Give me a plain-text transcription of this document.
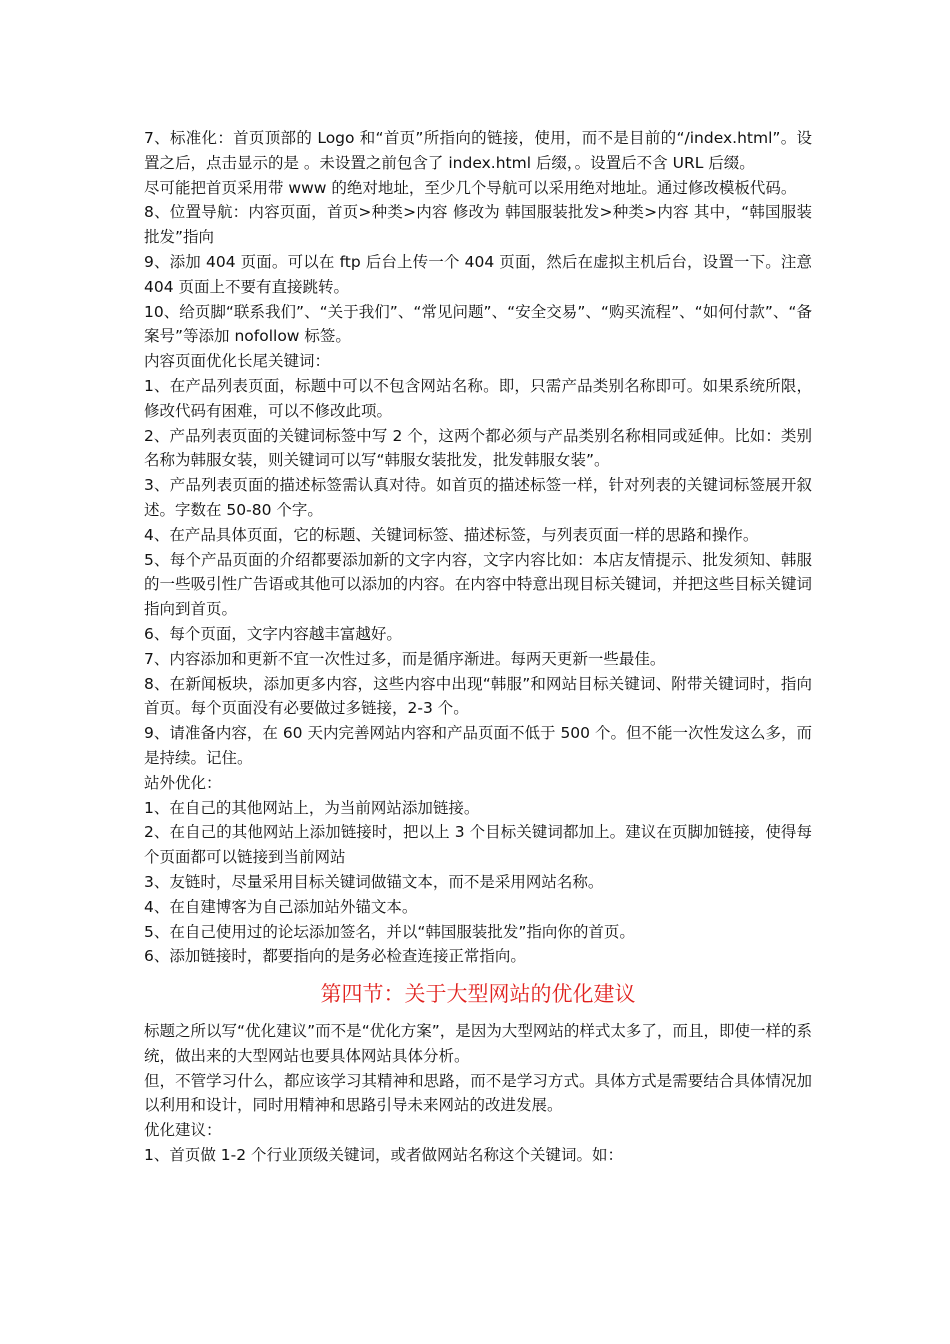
7、标准化：首页顶部的 Logo 和“首页”所指向的链接，使用，而不是目前的“/index.html”。设置之后，点击显示的是 。未设置之前包含了 index.html 后缀，。设置后不含 URL 后缀。

尽可能把首页采用带 www 的绝对地址，至少几个导航可以采用绝对地址。通过修改模板代码。

8、位置导航：内容页面，首页>种类>内容 修改为 韩国服装批发>种类>内容 其中，“韩国服装批发”指向

9、添加 404 页面。可以在 ftp 后台上传一个 404 页面，然后在虚拟主机后台，设置一下。注意 404 页面上不要有直接跳转。

10、给页脚“联系我们”、“关于我们”、“常见问题”、“安全交易”、“购买流程”、“如何付款”、“备案号”等添加 nofollow 标签。

内容页面优化长尾关键词：

1、在产品列表页面，标题中可以不包含网站名称。即，只需产品类别名称即可。如果系统所限，修改代码有困难，可以不修改此项。

2、产品列表页面的关键词标签中写 2 个，这两个都必须与产品类别名称相同或延伸。比如：类别名称为韩服女装，则关键词可以写“韩服女装批发，批发韩服女装”。

3、产品列表页面的描述标签需认真对待。如首页的描述标签一样，针对列表的关键词标签展开叙述。字数在 50-80 个字。

4、在产品具体页面，它的标题、关键词标签、描述标签，与列表页面一样的思路和操作。

5、每个产品页面的介绍都要添加新的文字内容，文字内容比如：本店友情提示、批发须知、韩服的一些吸引性广告语或其他可以添加的内容。在内容中特意出现目标关键词，并把这些目标关键词指向到首页。

6、每个页面，文字内容越丰富越好。

7、内容添加和更新不宜一次性过多，而是循序渐进。每两天更新一些最佳。

8、在新闻板块，添加更多内容，这些内容中出现“韩服”和网站目标关键词、附带关键词时，指向首页。每个页面没有必要做过多链接，2-3 个。

9、请准备内容，在 60 天内完善网站内容和产品页面不低于 500 个。但不能一次性发这么多，而是持续。记住。

站外优化：

1、在自己的其他网站上，为当前网站添加链接。

2、在自己的其他网站上添加链接时，把以上 3 个目标关键词都加上。建议在页脚加链接，使得每个页面都可以链接到当前网站

3、友链时，尽量采用目标关键词做锚文本，而不是采用网站名称。

4、在自建博客为自己添加站外锚文本。

5、在自己使用过的论坛添加签名，并以“韩国服装批发”指向你的首页。

6、添加链接时，都要指向的是务必检查连接正常指向。

第四节：关于大型网站的优化建议

标题之所以写“优化建议”而不是“优化方案”，是因为大型网站的样式太多了，而且，即使一样的系统，做出来的大型网站也要具体网站具体分析。

但，不管学习什么，都应该学习其精神和思路，而不是学习方式。具体方式是需要结合具体情况加以利用和设计，同时用精神和思路引导未来网站的改进发展。

优化建议：

1、首页做 1-2 个行业顶级关键词，或者做网站名称这个关键词。如：
